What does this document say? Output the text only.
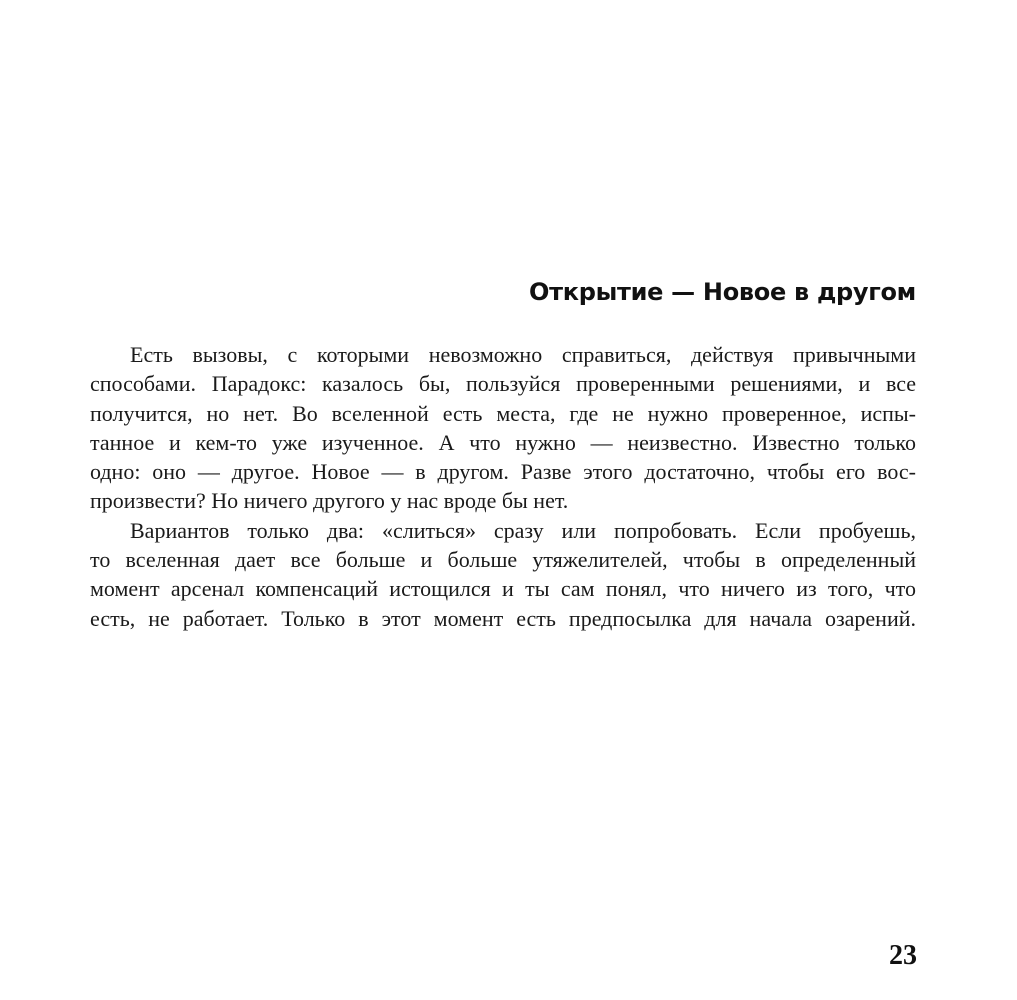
Открытие — Новое в другом
Есть вызовы, с которыми невозможно справиться, действуя привычными
способами. Парадокс: казалось бы, пользуйся проверенными решениями, и все
получится, но нет. Во вселенной есть места, где не нужно проверенное, испы-
танное и кем-то уже изученное. А что нужно — неизвестно. Известно только
одно: оно — другое. Новое — в другом. Разве этого достаточно, чтобы его вос-
произвести? Но ничего другого у нас вроде бы нет.
Вариантов только два: «слиться» сразу или попробовать. Если пробуешь,
то вселенная дает все больше и больше утяжелителей, чтобы в определенный
момент арсенал компенсаций истощился и ты сам понял, что ничего из того, что
есть, не работает. Только в этот момент есть предпосылка для начала озарений.
23
